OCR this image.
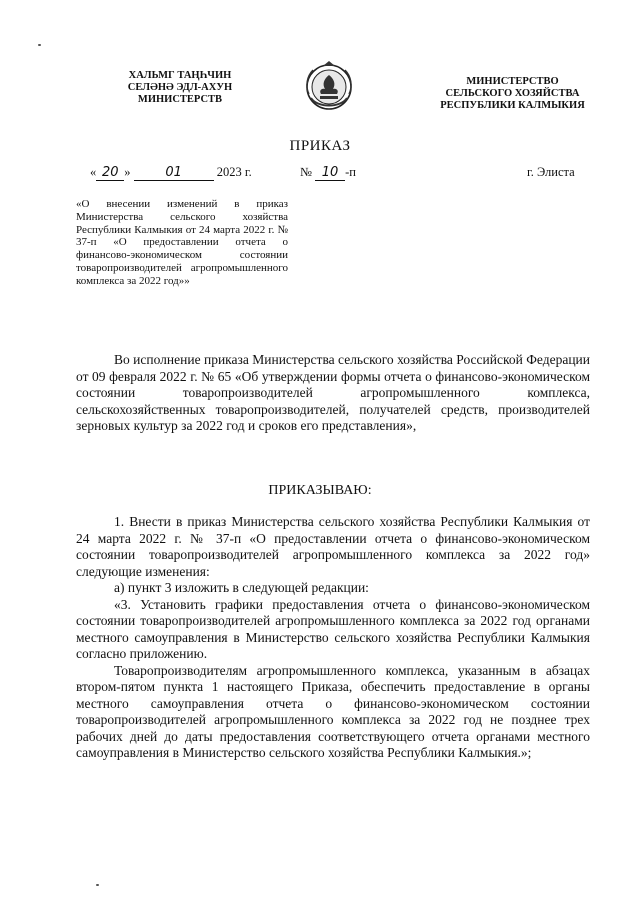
ХАЛЬМГ ТАҢҺЧИН
СЕЛӘНӘ ЭДЛ-АХУН
МИНИСТЕРСТВ
МИНИСТЕРСТВО
СЕЛЬСКОГО ХОЗЯЙСТВА
РЕСПУБЛИКИ КАЛМЫКИЯ
ПРИКАЗ
« 20 »	01	2023 г.	№ 10 -п	г. Элиста
«О внесении изменений в приказ Министерства сельского хозяйства Республики Калмыкия от 24 марта 2022 г. № 37-п «О предоставлении отчета о финансово-экономическом состоянии товаропроизводителей агропромышленного комплекса за 2022 год»»

Во исполнение приказа Министерства сельского хозяйства Российской Федерации от 09 февраля 2022 г. № 65 «Об утверждении формы отчета о финансово-экономическом состоянии товаропроизводителей агропромышленного комплекса, сельскохозяйственных товаропроизводителей, получателей средств, производителей зерновых культур за 2022 год и сроков его представления»,

ПРИКАЗЫВАЮ:

1. Внести в приказ Министерства сельского хозяйства Республики Калмыкия от 24 марта 2022 г. № 37-п «О предоставлении отчета о финансово-экономическом состоянии товаропроизводителей агропромышленного комплекса за 2022 год» следующие изменения:

а) пункт 3 изложить в следующей редакции:

«3. Установить графики предоставления отчета о финансово-экономическом состоянии товаропроизводителей агропромышленного комплекса за 2022 год органами местного самоуправления в Министерство сельского хозяйства Республики Калмыкия согласно приложению.

Товаропроизводителям агропромышленного комплекса, указанным в абзацах втором-пятом пункта 1 настоящего Приказа, обеспечить предоставление в органы местного самоуправления отчета о финансово-экономическом состоянии товаропроизводителей агропромышленного комплекса за 2022 год не позднее трех рабочих дней до даты предоставления соответствующего отчета органами местного самоуправления в Министерство сельского хозяйства Республики Калмыкия.»;
